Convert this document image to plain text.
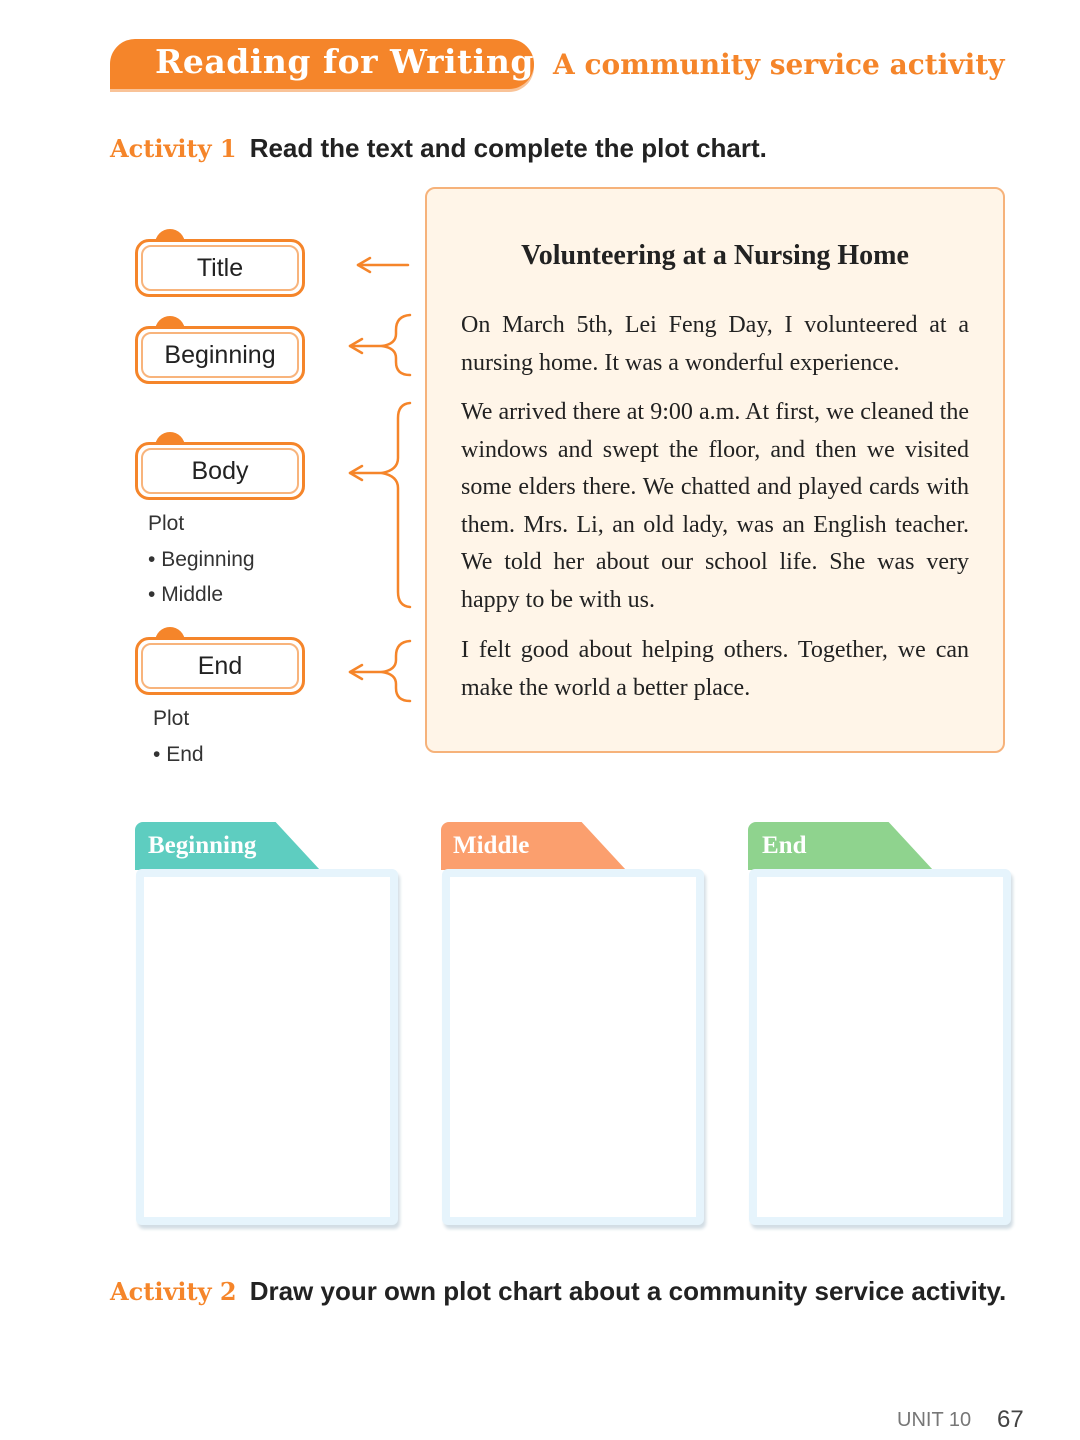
Reading for Writing A community service activity
Activity 1 Read the text and complete the plot chart.
Title
Beginning
Body
Plot
• Beginning
• Middle
End
Plot
• End
Volunteering at a Nursing Home
On March 5th, Lei Feng Day, I volunteered at a nursing home. It was a wonderful experience.
We arrived there at 9:00 a.m. At first, we cleaned the windows and swept the floor, and then we visited some elders there. We chatted and played cards with them. Mrs. Li, an old lady, was an English teacher. We told her about our school life. She was very happy to be with us.
I felt good about helping others. Together, we can make the world a better place.
Beginning	Middle	End
Activity 2 Draw your own plot chart about a community service activity.
UNIT 10 67
